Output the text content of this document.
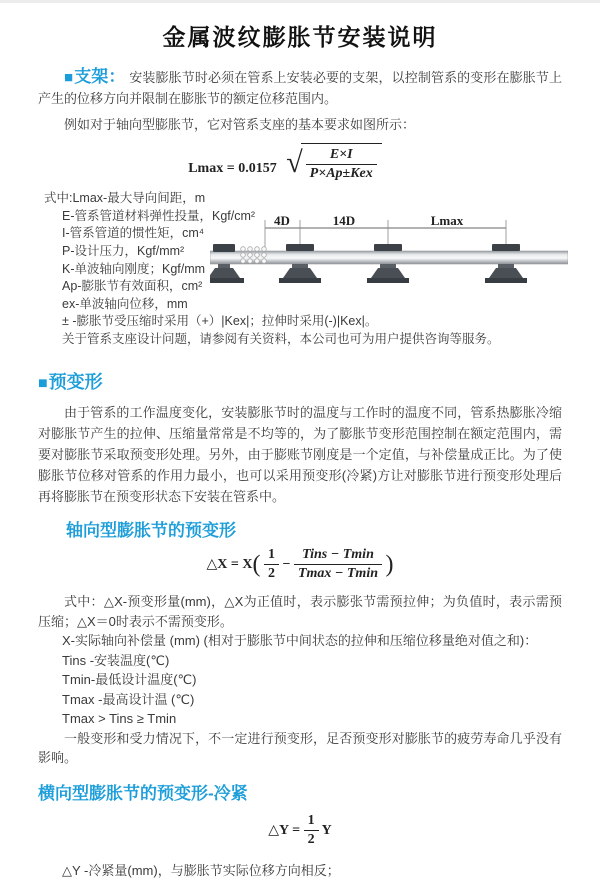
金属波纹膨胀节安装说明

■支架： 安装膨胀节时必须在管系上安装必要的支架，以控制管系的变形在膨胀节上产生的位移方向并限制在膨胀节的额定位移范围内。

例如对于轴向型膨胀节，它对管系支座的基本要求如图所示：

Lmax = 0.0157 √ $\frac{E\times I}{\text{P×Ap±Kex}}$
式中:Lmax-最大导向间距，m
E-管系管道材料弹性投量，Kgf/cm²
I-管系管道的惯性矩，cm⁴
P-设计压力，Kgf/mm²
K-单波轴向刚度；Kgf/mm
Ap-膨胀节有效面积，cm²
ex-单波轴向位移，mm
± -膨胀节受压缩时采用（+）|Kex|；拉伸时采用(-)|Kex|。
关于管系支座设计问题，请参阅有关资料，本公司也可为用户提供咨询等服务。
4D	14D	Lmax
■预变形

由于管系的工作温度变化，安装膨胀节时的温度与工作时的温度不同，管系热膨胀冷缩对膨胀节产生的拉伸、压缩量常常是不均等的，为了膨胀节变形范围控制在额定范围内，需要对膨胀节采取预变形处理。另外，由于膨账节刚度是一个定值，与补偿量成正比。为了使膨胀节位移对管系的作用力最小，也可以采用预变形(冷紧)方让对膨胀节进行预变形处理后再将膨胀节在预变形状态下安装在管系中。

轴向型膨胀节的预变形
△X = $X( \frac{1}{2} - \frac{\text{Tins − Tmin}}{Tmax - Tmin}$ )

式中：△X-预变形量(mm)，△X为正值时，表示膨张节需预拉伸；为负值时，表示需预压缩；△X＝0时表示不需预变形。

X-实际轴向补偿量 (mm) (相对于膨胀节中间状态的拉伸和压缩位移量绝对值之和)：

Tins -安装温度(℃)

Tmin-最低设计温度(℃)

Tmax -最高设计温 (℃)

Tmax > Tins ≥ Tmin

一般变形和受力情况下，不一定进行预变形，足否预变形对膨胀节的疲劳寿命几乎没有影响。

横向型膨胀节的预变形-冷紧
△Y = $\frac{1}{2}$ Y

△Y -冷紧量(mm)，与膨胀节实际位移方向相反；
